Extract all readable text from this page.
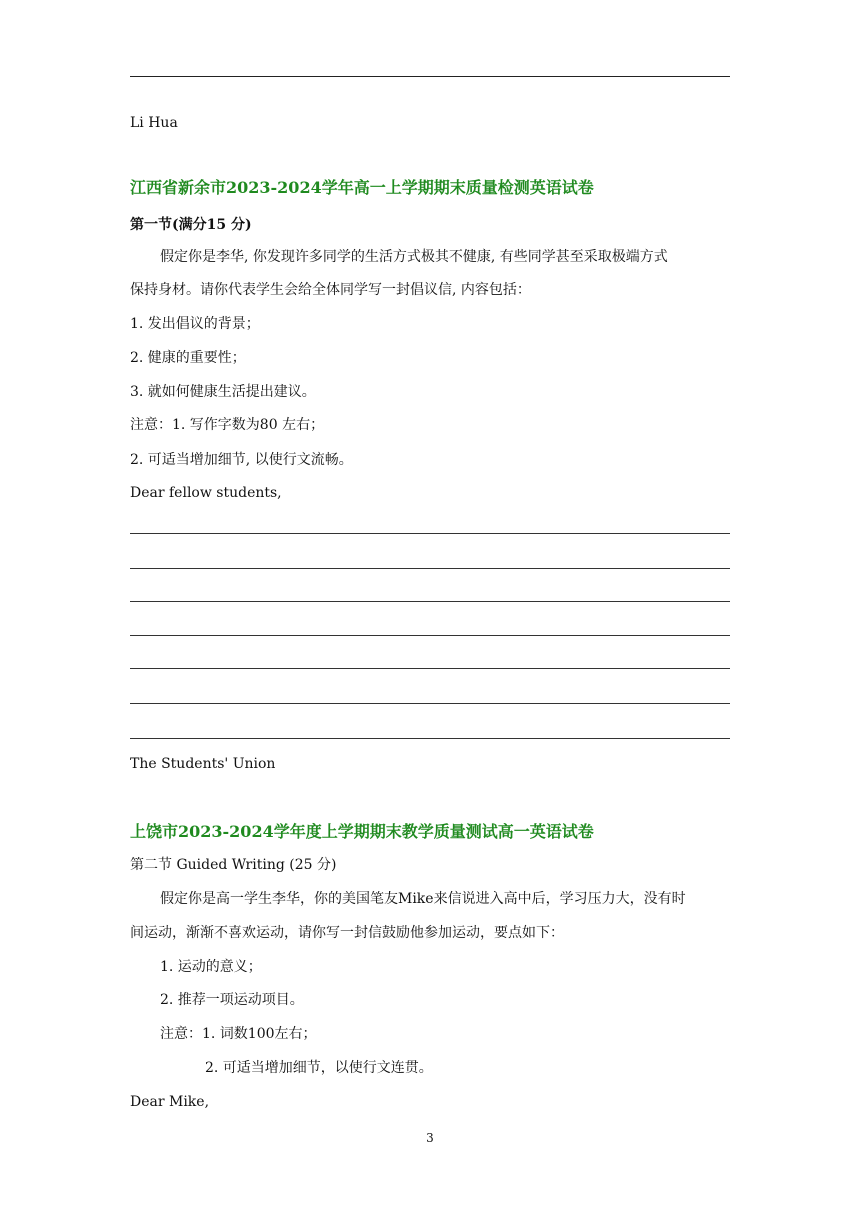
Li Hua
江西省新余市2023-2024学年高一上学期期末质量检测英语试卷
第一节(满分15 分)
假定你是李华, 你发现许多同学的生活方式极其不健康, 有些同学甚至采取极端方式
保持身材。请你代表学生会给全体同学写一封倡议信, 内容包括：
1. 发出倡议的背景；
2. 健康的重要性；
3. 就如何健康生活提出建议。
注意：1. 写作字数为80 左右；
2. 可适当增加细节, 以使行文流畅。
Dear fellow students,
The Students' Union
上饶市2023-2024学年度上学期期末教学质量测试高一英语试卷
第二节 Guided Writing (25 分)
假定你是高一学生李华，你的美国笔友Mike来信说进入高中后，学习压力大，没有时
间运动，渐渐不喜欢运动，请你写一封信鼓励他参加运动，要点如下：
1. 运动的意义；
2. 推荐一项运动项目。
注意：1. 词数100左右；
2. 可适当增加细节，以使行文连贯。
Dear Mike,
3
